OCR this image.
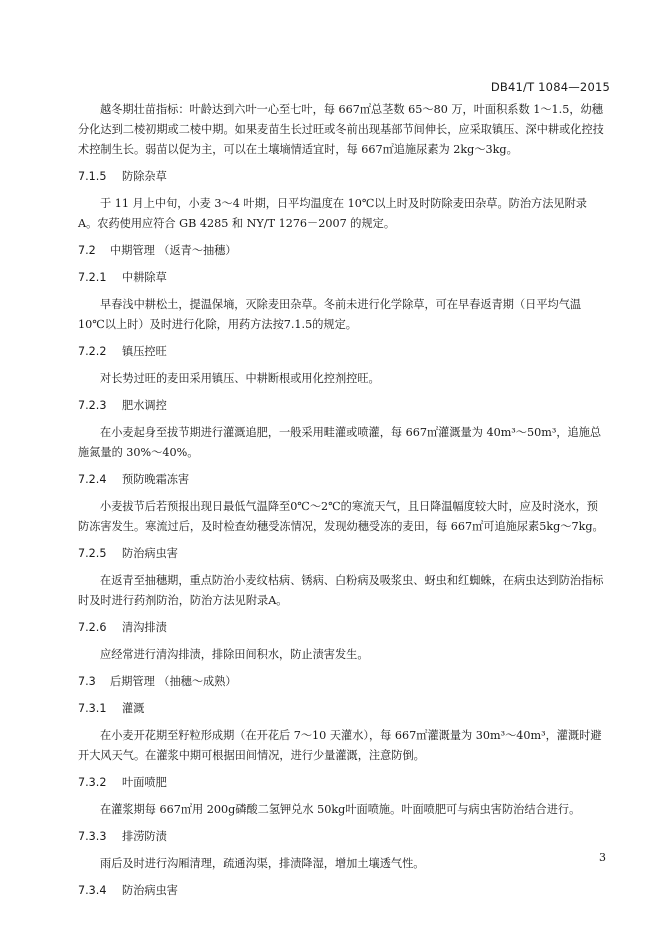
DB41/T 1084—2015

越冬期壮苗指标：叶龄达到六叶一心至七叶，每 667㎡总茎数 65～80 万，叶面积系数 1～1.5，幼穗分化达到二棱初期或二棱中期。如果麦苗生长过旺或冬前出现基部节间伸长，应采取镇压、深中耕或化控技术控制生长。弱苗以促为主，可以在土壤墒情适宜时，每 667㎡追施尿素为 2kg～3kg。

7.1.5 防除杂草

于 11 月上中旬，小麦 3～4 叶期，日平均温度在 10℃以上时及时防除麦田杂草。防治方法见附录 A。农药使用应符合 GB 4285 和 NY/T 1276－2007 的规定。

7.2 中期管理 （返青～抽穗）
7.2.1 中耕除草

早春浅中耕松土，提温保墒，灭除麦田杂草。冬前未进行化学除草，可在早春返青期（日平均气温 10℃以上时）及时进行化除，用药方法按7.1.5的规定。

7.2.2 镇压控旺

对长势过旺的麦田采用镇压、中耕断根或用化控剂控旺。

7.2.3 肥水调控

在小麦起身至拔节期进行灌溉追肥，一般采用畦灌或喷灌，每 667㎡灌溉量为 40m³～50m³，追施总施氮量的 30%～40%。

7.2.4 预防晚霜冻害

小麦拔节后若预报出现日最低气温降至0℃～2℃的寒流天气，且日降温幅度较大时，应及时浇水，预防冻害发生。寒流过后，及时检查幼穗受冻情况，发现幼穗受冻的麦田，每 667㎡可追施尿素5kg～7kg。

7.2.5 防治病虫害

在返青至抽穗期，重点防治小麦纹枯病、锈病、白粉病及吸浆虫、蚜虫和红蜘蛛，在病虫达到防治指标时及时进行药剂防治，防治方法见附录A。

7.2.6 清沟排渍

应经常进行清沟排渍，排除田间积水，防止渍害发生。

7.3 后期管理 （抽穗～成熟）
7.3.1 灌溉

在小麦开花期至籽粒形成期（在开花后 7～10 天灌水），每 667㎡灌溉量为 30m³～40m³，灌溉时避开大风天气。在灌浆中期可根据田间情况，进行少量灌溉，注意防倒。

7.3.2 叶面喷肥

在灌浆期每 667㎡用 200g磷酸二氢钾兑水 50kg叶面喷施。叶面喷肥可与病虫害防治结合进行。

7.3.3 排涝防渍

雨后及时进行沟厢清理，疏通沟渠，排渍降湿，增加土壤透气性。

7.3.4 防治病虫害
3
